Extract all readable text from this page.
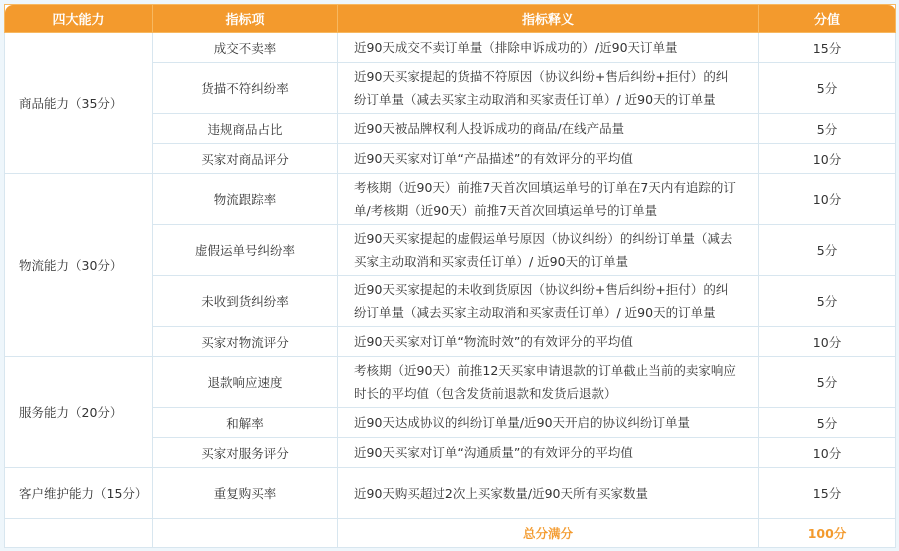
四大能力	指标项	指标释义	分值
商品能力（35分）	成交不卖率	近90天成交不卖订单量（排除申诉成功的）/近90天订单量	15分
	货描不符纠纷率	近90天买家提起的货描不符原因（协议纠纷+售后纠纷+拒付）的纠纷订单量（减去买家主动取消和买家责任订单）/ 近90天的订单量	5分
	违规商品占比	近90天被品牌权利人投诉成功的商品/在线产品量	5分
	买家对商品评分	近90天买家对订单“产品描述”的有效评分的平均值	10分
物流能力（30分）	物流跟踪率	考核期（近90天）前推7天首次回填运单号的订单在7天内有追踪的订单/考核期（近90天）前推7天首次回填运单号的订单量	10分
	虚假运单号纠纷率	近90天买家提起的虚假运单号原因（协议纠纷）的纠纷订单量（减去买家主动取消和买家责任订单）/ 近90天的订单量	5分
	未收到货纠纷率	近90天买家提起的未收到货原因（协议纠纷+售后纠纷+拒付）的纠纷订单量（减去买家主动取消和买家责任订单）/ 近90天的订单量	5分
	买家对物流评分	近90天买家对订单“物流时效”的有效评分的平均值	10分
服务能力（20分）	退款响应速度	考核期（近90天）前推12天买家申请退款的订单截止当前的卖家响应时长的平均值（包含发货前退款和发货后退款）	5分
	和解率	近90天达成协议的纠纷订单量/近90天开启的协议纠纷订单量	5分
	买家对服务评分	近90天买家对订单“沟通质量”的有效评分的平均值	10分
客户维护能力（15分）	重复购买率	近90天购买超过2次上买家数量/近90天所有买家数量	15分
		总分满分	100分
